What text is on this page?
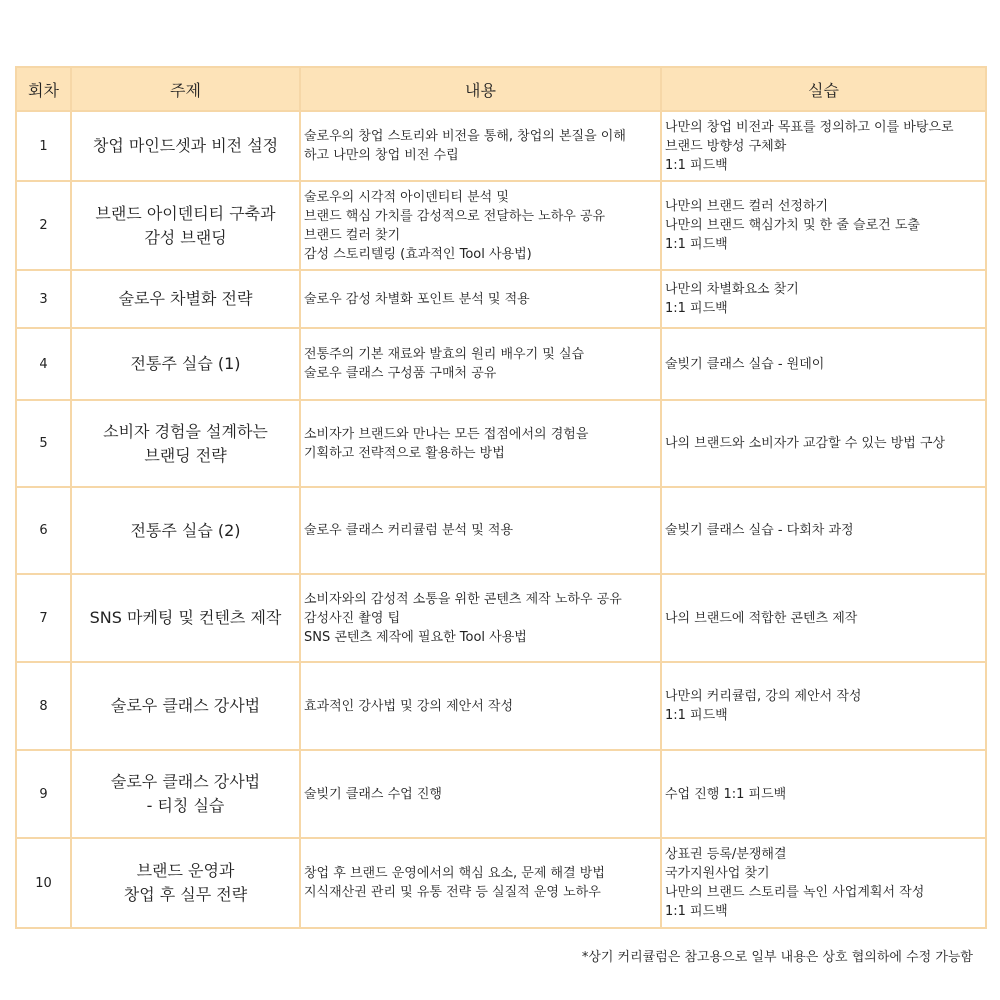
회차	주제	내용	실습
1	창업 마인드셋과 비전 설정	술로우의 창업 스토리와 비전을 통해, 창업의 본질을 이해
하고 나만의 창업 비전 수립	나만의 창업 비전과 목표를 정의하고 이를 바탕으로
브랜드 방향성 구체화
1:1 피드백

2	브랜드 아이덴티티 구축과
감성 브랜딩	술로우의 시각적 아이덴티티 분석 및
브랜드 핵심 가치를 감성적으로 전달하는 노하우 공유
브랜드 컬러 찾기
감성 스토리텔링 (효과적인 Tool 사용법)	나만의 브랜드 컬러 선정하기
나만의 브랜드 핵심가치 및 한 줄 슬로건 도출
1:1 피드백

3	술로우 차별화 전략	술로우 감성 차별화 포인트 분석 및 적용	나만의 차별화요소 찾기
1:1 피드백

4	전통주 실습 (1)	전통주의 기본 재료와 발효의 원리 배우기 및 실습
술로우 클래스 구성품 구매처 공유	술빚기 클래스 실습 - 원데이

5	소비자 경험을 설계하는
브랜딩 전략	소비자가 브랜드와 만나는 모든 접점에서의 경험을
기획하고 전략적으로 활용하는 방법	나의 브랜드와 소비자가 교감할 수 있는 방법 구상

6	전통주 실습 (2)	술로우 클래스 커리큘럼 분석 및 적용	술빚기 클래스 실습 - 다회차 과정

7	SNS 마케팅 및 컨텐츠 제작	소비자와의 감성적 소통을 위한 콘텐츠 제작 노하우 공유
감성사진 촬영 팁
SNS 콘텐츠 제작에 필요한 Tool 사용법	나의 브랜드에 적합한 콘텐츠 제작

8	술로우 클래스 강사법	효과적인 강사법 및 강의 제안서 작성	나만의 커리큘럼, 강의 제안서 작성
1:1 피드백

9	술로우 클래스 강사법
- 티칭 실습	술빚기 클래스 수업 진행	수업 진행 1:1 피드백

10	브랜드 운영과
창업 후 실무 전략	창업 후 브랜드 운영에서의 핵심 요소, 문제 해결 방법
지식재산권 관리 및 유통 전략 등 실질적 운영 노하우	상표권 등록/분쟁해결
국가지원사업 찾기
나만의 브랜드 스토리를 녹인 사업계획서 작성
1:1 피드백
*상기 커리큘럼은 참고용으로 일부 내용은 상호 협의하에 수정 가능함
